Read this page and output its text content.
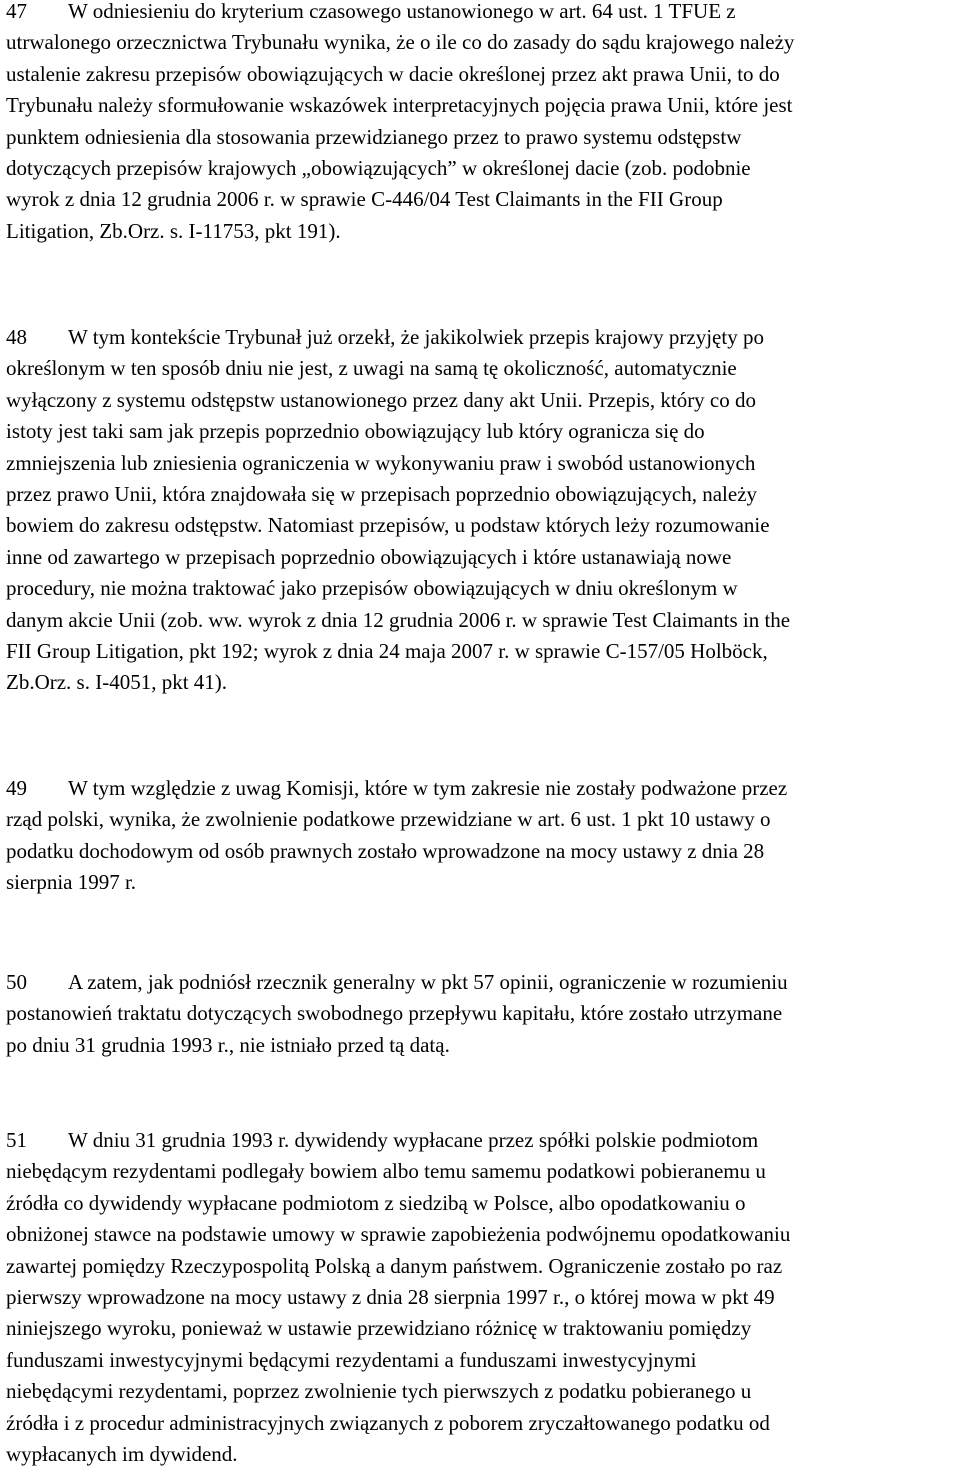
47 W odniesieniu do kryterium czasowego ustanowionego w art. 64 ust. 1 TFUE z
utrwalonego orzecznictwa Trybunału wynika, że o ile co do zasady do sądu krajowego należy
ustalenie zakresu przepisów obowiązujących w dacie określonej przez akt prawa Unii, to do
Trybunału należy sformułowanie wskazówek interpretacyjnych pojęcia prawa Unii, które jest
punktem odniesienia dla stosowania przewidzianego przez to prawo systemu odstępstw
dotyczących przepisów krajowych „obowiązujących” w określonej dacie (zob. podobnie
wyrok z dnia 12 grudnia 2006 r. w sprawie C‑446/04 Test Claimants in the FII Group
Litigation, Zb.Orz. s. I‑11753, pkt 191).
48 W tym kontekście Trybunał już orzekł, że jakikolwiek przepis krajowy przyjęty po
określonym w ten sposób dniu nie jest, z uwagi na samą tę okoliczność, automatycznie
wyłączony z systemu odstępstw ustanowionego przez dany akt Unii. Przepis, który co do
istoty jest taki sam jak przepis poprzednio obowiązujący lub który ogranicza się do
zmniejszenia lub zniesienia ograniczenia w wykonywaniu praw i swobód ustanowionych
przez prawo Unii, która znajdowała się w przepisach poprzednio obowiązujących, należy
bowiem do zakresu odstępstw. Natomiast przepisów, u podstaw których leży rozumowanie
inne od zawartego w przepisach poprzednio obowiązujących i które ustanawiają nowe
procedury, nie można traktować jako przepisów obowiązujących w dniu określonym w
danym akcie Unii (zob. ww. wyrok z dnia 12 grudnia 2006 r. w sprawie Test Claimants in the
FII Group Litigation, pkt 192; wyrok z dnia 24 maja 2007 r. w sprawie C‑157/05 Holböck,
Zb.Orz. s. I‑4051, pkt 41).
49 W tym względzie z uwag Komisji, które w tym zakresie nie zostały podważone przez
rząd polski, wynika, że zwolnienie podatkowe przewidziane w art. 6 ust. 1 pkt 10 ustawy o
podatku dochodowym od osób prawnych zostało wprowadzone na mocy ustawy z dnia 28
sierpnia 1997 r.
50 A zatem, jak podniósł rzecznik generalny w pkt 57 opinii, ograniczenie w rozumieniu
postanowień traktatu dotyczących swobodnego przepływu kapitału, które zostało utrzymane
po dniu 31 grudnia 1993 r., nie istniało przed tą datą.
51 W dniu 31 grudnia 1993 r. dywidendy wypłacane przez spółki polskie podmiotom
niebędącym rezydentami podlegały bowiem albo temu samemu podatkowi pobieranemu u
źródła co dywidendy wypłacane podmiotom z siedzibą w Polsce, albo opodatkowaniu o
obniżonej stawce na podstawie umowy w sprawie zapobieżenia podwójnemu opodatkowaniu
zawartej pomiędzy Rzeczypospolitą Polską a danym państwem. Ograniczenie zostało po raz
pierwszy wprowadzone na mocy ustawy z dnia 28 sierpnia 1997 r., o której mowa w pkt 49
niniejszego wyroku, ponieważ w ustawie przewidziano różnicę w traktowaniu pomiędzy
funduszami inwestycyjnymi będącymi rezydentami a funduszami inwestycyjnymi
niebędącymi rezydentami, poprzez zwolnienie tych pierwszych z podatku pobieranego u
źródła i z procedur administracyjnych związanych z poborem zryczałtowanego podatku od
wypłacanych im dywidend.
